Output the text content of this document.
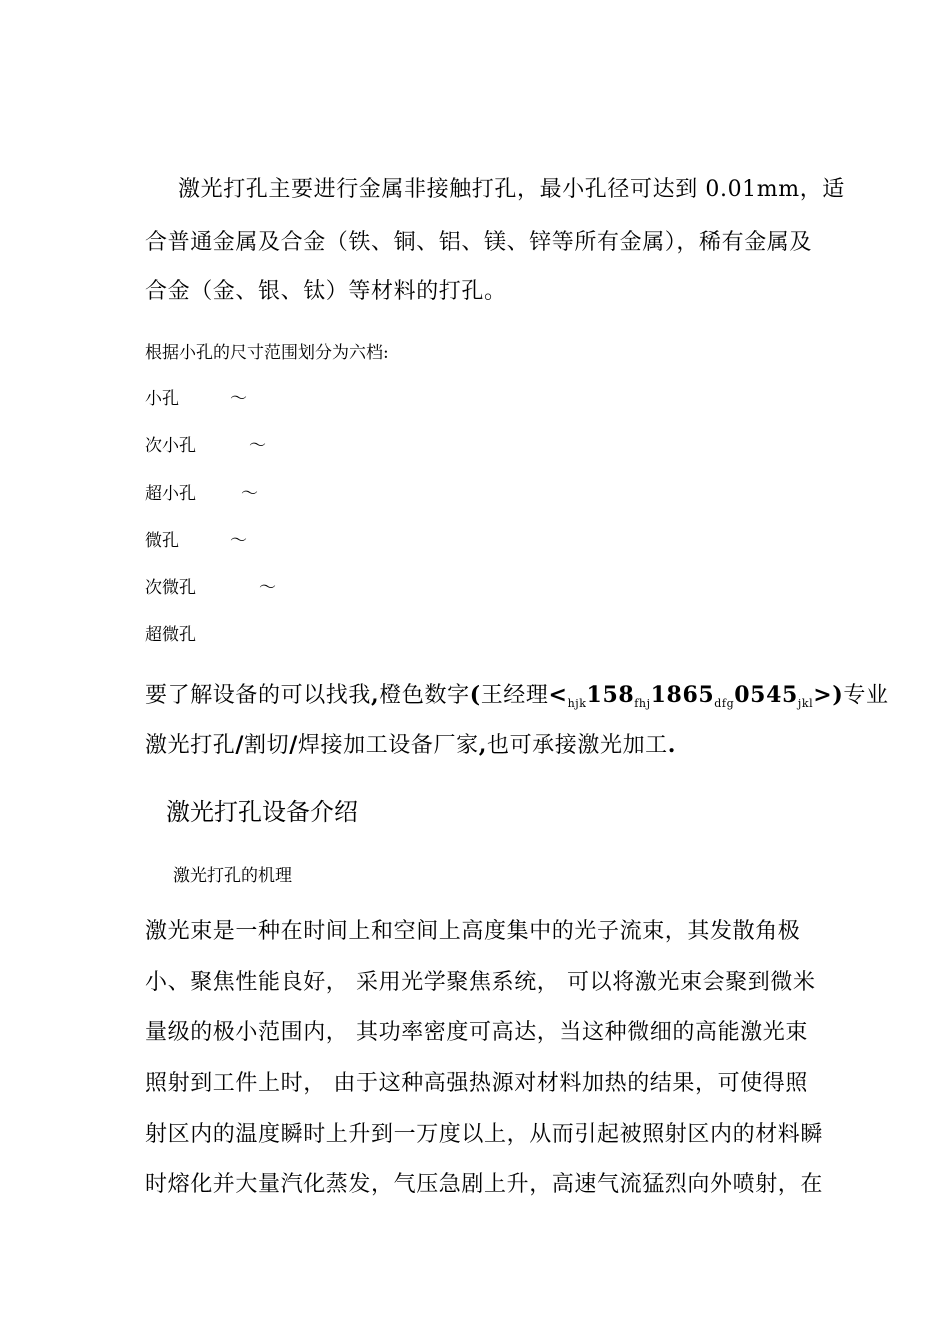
激光打孔主要进行金属非接触打孔，最小孔径可达到 0.01mm，适
合普通金属及合金（铁、铜、铝、镁、锌等所有金属），稀有金属及
合金（金、银、钛）等材料的打孔。
根据小孔的尺寸范围划分为六档:
小孔	～
次小孔	～
超小孔	～
微孔	～
次微孔	～
超微孔
要了解设备的可以找我,橙色数字(王经理$<_{hjk}158_{fhj}1865_{dfg}0545_{jkl}>$)专业
激光打孔/割切/焊接加工设备厂家,也可承接激光加工.
激光打孔设备介绍
激光打孔的机理
激光束是一种在时间上和空间上高度集中的光子流束，其发散角极
小、聚焦性能良好， 采用光学聚焦系统， 可以将激光束会聚到微米
量级的极小范围内， 其功率密度可高达，当这种微细的高能激光束
照射到工件上时， 由于这种高强热源对材料加热的结果，可使得照
射区内的温度瞬时上升到一万度以上，从而引起被照射区内的材料瞬
时熔化并大量汽化蒸发，气压急剧上升，高速气流猛烈向外喷射，在
